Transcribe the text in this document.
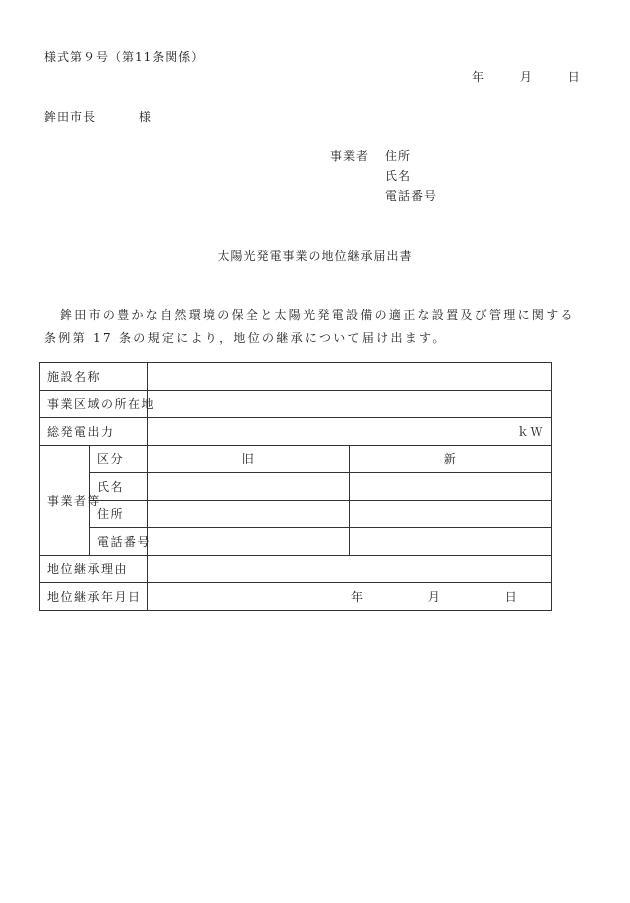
様式第９号（第11条関係）
年	月	日
鉾田市長	様
事業者 住所
氏名
電話番号
太陽光発電事業の地位継承届出書
鉾田市の豊かな自然環境の保全と太陽光発電設備の適正な設置及び管理に関する条例第 17 条の規定により，地位の継承について届け出ます。
施設名称			
事業区域の所在地			
総発電出力		ｋＷ	
事業者等	区分	旧	新
	氏名		
	住所		
	電話番号		
地位継承理由			
地位継承年月日		年 月 日	
